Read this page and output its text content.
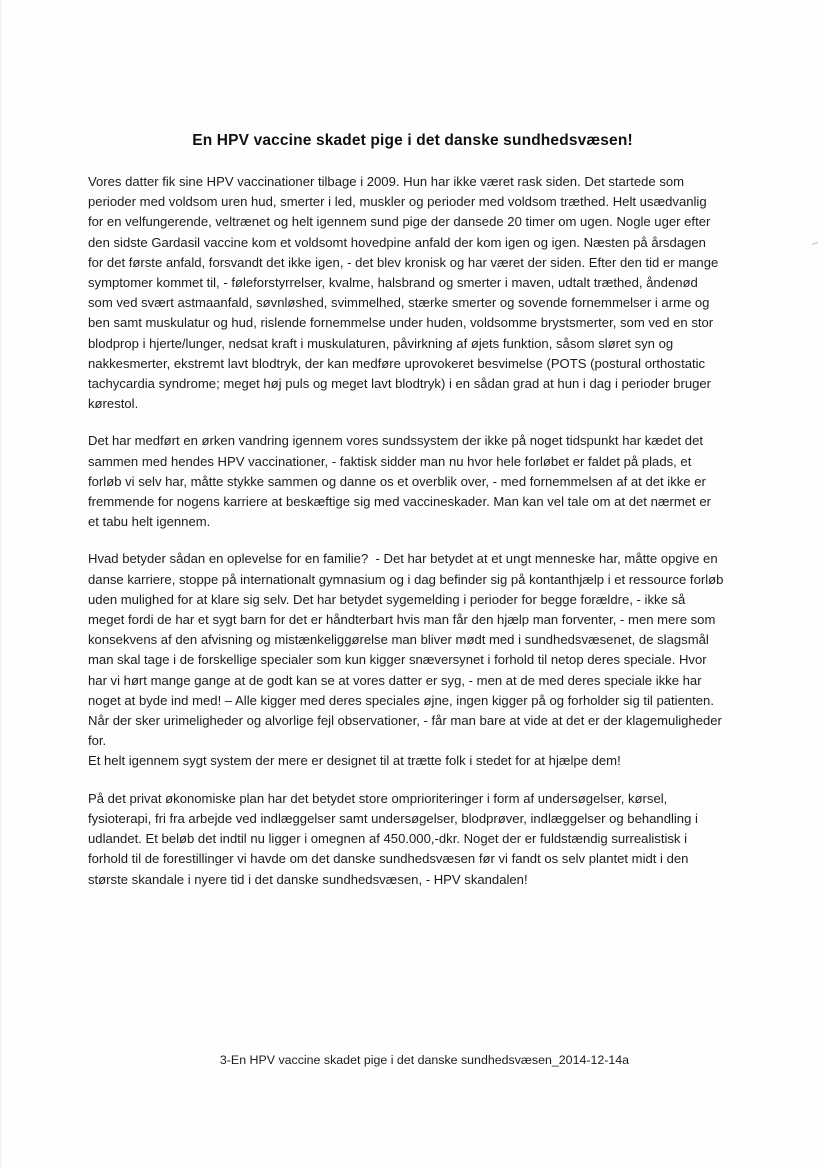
En HPV vaccine skadet pige i det danske sundhedsvæsen!

Vores datter fik sine HPV vaccinationer tilbage i 2009. Hun har ikke været rask siden. Det startede som perioder med voldsom uren hud, smerter i led, muskler og perioder med voldsom træthed. Helt usædvanlig for en velfungerende, veltrænet og helt igennem sund pige der dansede 20 timer om ugen. Nogle uger efter den sidste Gardasil vaccine kom et voldsomt hovedpine anfald der kom igen og igen. Næsten på årsdagen for det første anfald, forsvandt det ikke igen, - det blev kronisk og har været der siden. Efter den tid er mange symptomer kommet til, - føleforstyrrelser, kvalme, halsbrand og smerter i maven, udtalt træthed, åndenød som ved svært astmaanfald, søvnløshed, svimmelhed, stærke smerter og sovende fornemmelser i arme og ben samt muskulatur og hud, rislende fornemmelse under huden, voldsomme brystsmerter, som ved en stor blodprop i hjerte/lunger, nedsat kraft i muskulaturen, påvirkning af øjets funktion, såsom sløret syn og nakkesmerter, ekstremt lavt blodtryk, der kan medføre uprovokeret besvimelse (POTS (postural orthostatic tachycardia syndrome; meget høj puls og meget lavt blodtryk) i en sådan grad at hun i dag i perioder bruger kørestol.

Det har medført en ørken vandring igennem vores sundssystem der ikke på noget tidspunkt har kædet det sammen med hendes HPV vaccinationer, - faktisk sidder man nu hvor hele forløbet er faldet på plads, et forløb vi selv har, måtte stykke sammen og danne os et overblik over, - med fornemmelsen af at det ikke er fremmende for nogens karriere at beskæftige sig med vaccineskader. Man kan vel tale om at det nærmet er et tabu helt igennem.

Hvad betyder sådan en oplevelse for en familie?  - Det har betydet at et ungt menneske har, måtte opgive en danse karriere, stoppe på internationalt gymnasium og i dag befinder sig på kontanthjælp i et ressource forløb uden mulighed for at klare sig selv. Det har betydet sygemelding i perioder for begge forældre, - ikke så meget fordi de har et sygt barn for det er håndterbart hvis man får den hjælp man forventer, - men mere som konsekvens af den afvisning og mistænkeliggørelse man bliver mødt med i sundhedsvæsenet, de slagsmål man skal tage i de forskellige specialer som kun kigger snæversynet i forhold til netop deres speciale. Hvor har vi hørt mange gange at de godt kan se at vores datter er syg, - men at de med deres speciale ikke har noget at byde ind med! – Alle kigger med deres speciales øjne, ingen kigger på og forholder sig til patienten. Når der sker urimeligheder og alvorlige fejl observationer, - får man bare at vide at det er der klagemuligheder for.

Et helt igennem sygt system der mere er designet til at trætte folk i stedet for at hjælpe dem!

På det privat økonomiske plan har det betydet store omprioriteringer i form af undersøgelser, kørsel, fysioterapi, fri fra arbejde ved indlæggelser samt undersøgelser, blodprøver, indlæggelser og behandling i udlandet. Et beløb det indtil nu ligger i omegnen af 450.000,-dkr. Noget der er fuldstændig surrealistisk i forhold til de forestillinger vi havde om det danske sundhedsvæsen før vi fandt os selv plantet midt i den største skandale i nyere tid i det danske sundhedsvæsen, - HPV skandalen!

3-En HPV vaccine skadet pige i det danske sundhedsvæsen_2014-12-14a
